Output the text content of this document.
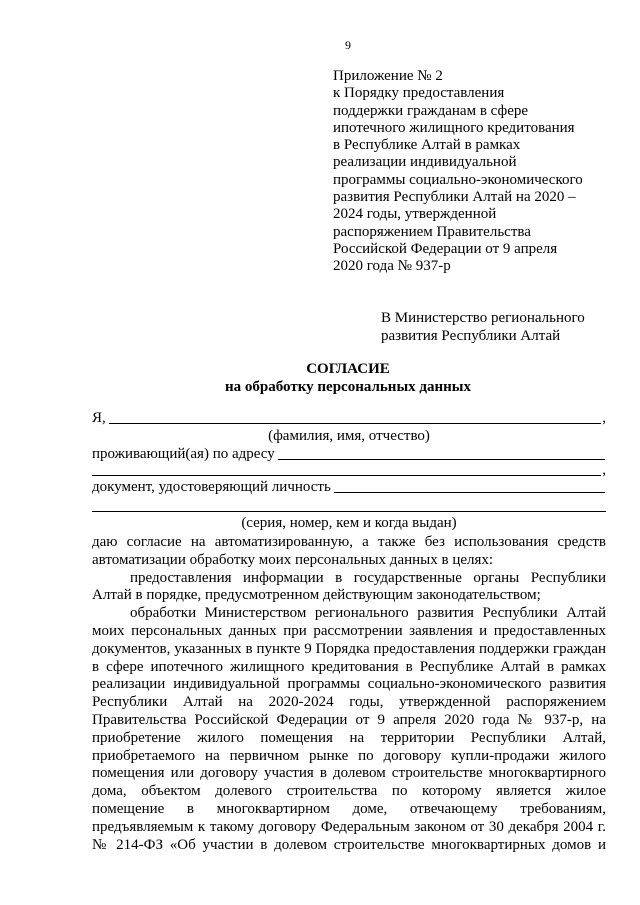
9
Приложение № 2
к Порядку предоставления
поддержки гражданам в сфере
ипотечного жилищного кредитования
в Республике Алтай в рамках
реализации индивидуальной
программы социально-экономического
развития Республики Алтай на 2020 –
2024 годы, утвержденной
распоряжением Правительства
Российской Федерации от 9 апреля
2020 года № 937-р
В Министерство регионального
развития Республики Алтай
СОГЛАСИЕ
на обработку персональных данных
Я,	,
(фамилия, имя, отчество)
проживающий(ая) по адресу
,
документ, удостоверяющий личность
(серия, номер, кем и когда выдан)

даю согласие на автоматизированную, а также без использования средств
автоматизации обработку моих персональных данных в целях:

предоставления информации в государственные органы Республики
Алтай в порядке, предусмотренном действующим законодательством;

обработки Министерством регионального развития Республики Алтай
моих персональных данных при рассмотрении заявления и предоставленных
документов, указанных в пункте 9 Порядка предоставления поддержки граждан
в сфере ипотечного жилищного кредитования в Республике Алтай в рамках
реализации индивидуальной программы социально-экономического развития
Республики Алтай на 2020-2024 годы, утвержденной распоряжением
Правительства Российской Федерации от 9 апреля 2020 года № 937-р, на
приобретение жилого помещения на территории Республики Алтай,
приобретаемого на первичном рынке по договору купли-продажи жилого
помещения или договору участия в долевом строительстве многоквартирного
дома, объектом долевого строительства по которому является жилое
помещение в многоквартирном доме, отвечающему требованиям,
предъявляемым к такому договору Федеральным законом от 30 декабря 2004 г.
№ 214-ФЗ «Об участии в долевом строительстве многоквартирных домов и
